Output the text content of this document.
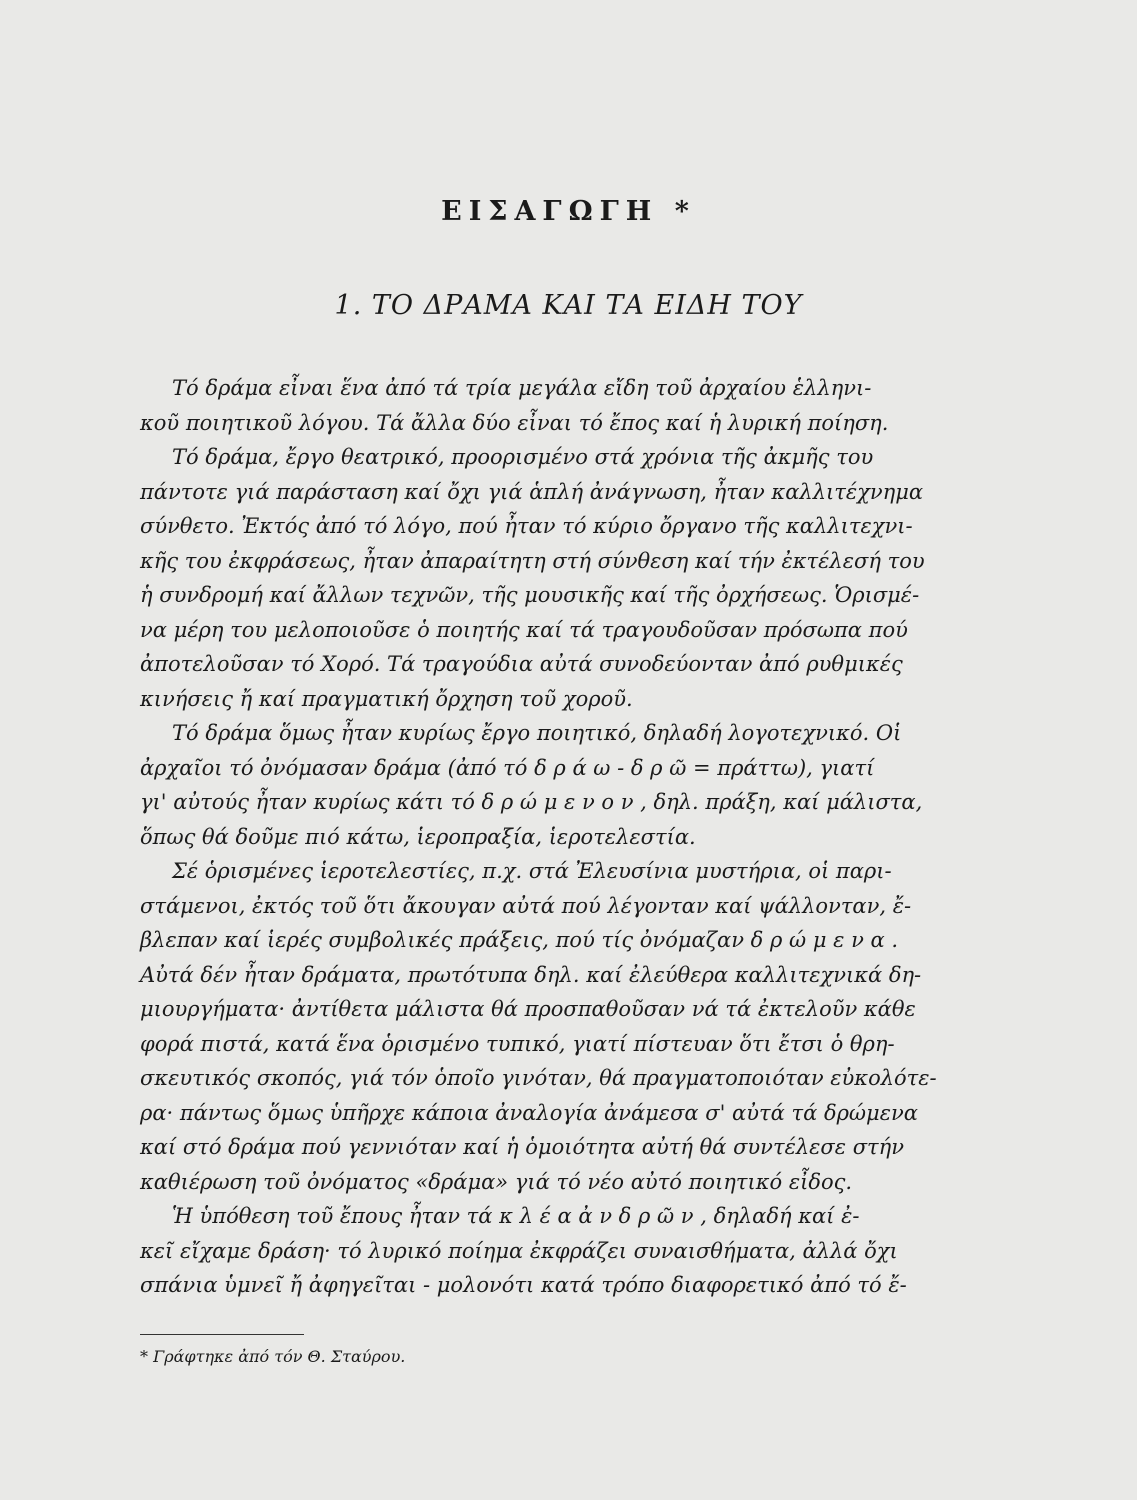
ΕΙΣΑΓΩΓΗ *
1. ΤΟ ΔΡΑΜΑ ΚΑΙ ΤΑ ΕΙΔΗ ΤΟΥ
Τό δράμα εἶναι ἕνα ἀπό τά τρία μεγάλα εἴδη τοῦ ἀρχαίου ἑλληνι-
κοῦ ποιητικοῦ λόγου. Τά ἄλλα δύο εἶναι τό ἔπος καί ἡ λυρική ποίηση.
Τό δράμα, ἔργο θεατρικό, προορισμένο στά χρόνια τῆς ἀκμῆς του
πάντοτε γιά παράσταση καί ὄχι γιά ἁπλή ἀνάγνωση, ἦταν καλλιτέχνημα
σύνθετο. Ἐκτός ἀπό τό λόγο, πού ἦταν τό κύριο ὄργανο τῆς καλλιτεχνι-
κῆς του ἐκφράσεως, ἦταν ἀπαραίτητη στή σύνθεση καί τήν ἐκτέλεσή του
ἡ συνδρομή καί ἄλλων τεχνῶν, τῆς μουσικῆς καί τῆς ὀρχήσεως. Ὁρισμέ-
να μέρη του μελοποιοῦσε ὁ ποιητής καί τά τραγουδοῦσαν πρόσωπα πού
ἀποτελοῦσαν τό Χορό. Τά τραγούδια αὐτά συνοδεύονταν ἀπό ρυθμικές
κινήσεις ἤ καί πραγματική ὄρχηση τοῦ χοροῦ.
Τό δράμα ὅμως ἦταν κυρίως ἔργο ποιητικό, δηλαδή λογοτεχνικό. Οἱ
ἀρχαῖοι τό ὀνόμασαν δράμα (ἀπό τό δ ρ ά ω - δ ρ ῶ = πράττω), γιατί
γι' αὐτούς ἦταν κυρίως κάτι τό δ ρ ώ μ ε ν ο ν , δηλ. πράξη, καί μάλιστα,
ὅπως θά δοῦμε πιό κάτω, ἱεροπραξία, ἱεροτελεστία.
Σέ ὁρισμένες ἱεροτελεστίες, π.χ. στά Ἐλευσίνια μυστήρια, οἱ παρι-
στάμενοι, ἐκτός τοῦ ὅτι ἄκουγαν αὐτά πού λέγονταν καί ψάλλονταν, ἔ-
βλεπαν καί ἱερές συμβολικές πράξεις, πού τίς ὀνόμαζαν δ ρ ώ μ ε ν α .
Αὐτά δέν ἦταν δράματα, πρωτότυπα δηλ. καί ἐλεύθερα καλλιτεχνικά δη-
μιουργήματα· ἀντίθετα μάλιστα θά προσπαθοῦσαν νά τά ἐκτελοῦν κάθε
φορά πιστά, κατά ἕνα ὁρισμένο τυπικό, γιατί πίστευαν ὅτι ἔτσι ὁ θρη-
σκευτικός σκοπός, γιά τόν ὁποῖο γινόταν, θά πραγματοποιόταν εὐκολότε-
ρα· πάντως ὅμως ὑπῆρχε κάποια ἀναλογία ἀνάμεσα σ' αὐτά τά δρώμενα
καί στό δράμα πού γεννιόταν καί ἡ ὁμοιότητα αὐτή θά συντέλεσε στήν
καθιέρωση τοῦ ὀνόματος «δράμα» γιά τό νέο αὐτό ποιητικό εἶδος.
Ἡ ὑπόθεση τοῦ ἔπους ἦταν τά κ λ έ α ἀ ν δ ρ ῶ ν , δηλαδή καί ἐ-
κεῖ εἴχαμε δράση· τό λυρικό ποίημα ἐκφράζει συναισθήματα, ἀλλά ὄχι
σπάνια ὑμνεῖ ἤ ἀφηγεῖται - μολονότι κατά τρόπο διαφορετικό ἀπό τό ἔ-
* Γράφτηκε ἀπό τόν Θ. Σταύρου.
